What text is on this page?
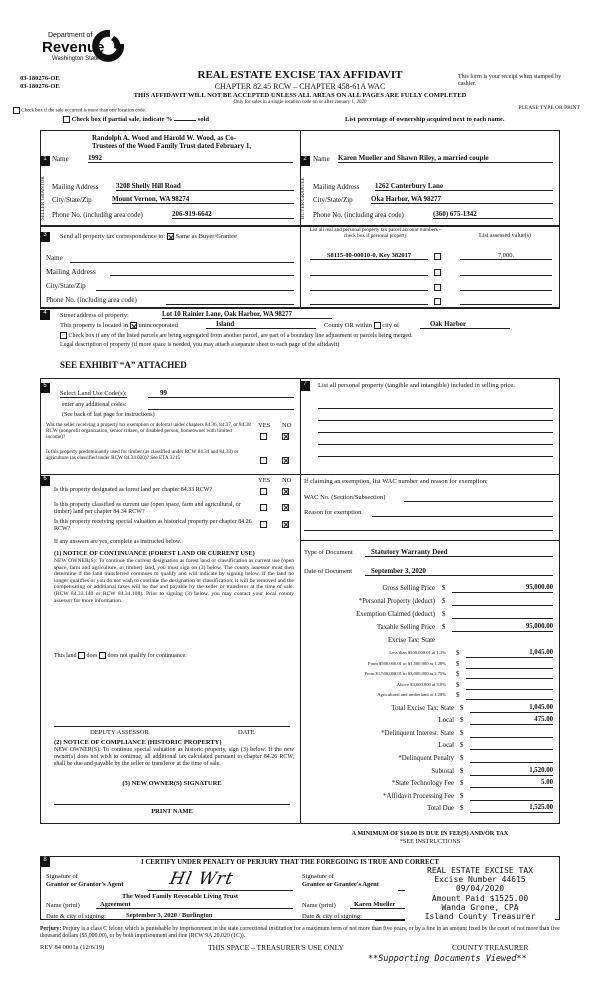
Department of
Revenue
Washington State
03-180276-OE
03-180276-OE
REAL ESTATE EXCISE TAX AFFIDAVIT
CHAPTER 82.45 RCW – CHAPTER 458-61A WAC
THIS AFFIDAVIT WILL NOT BE ACCEPTED UNLESS ALL AREAS ON ALL PAGES ARE FULLY COMPLETED
Only for sales in a single location code on or after January 1, 2020
This form is your receipt when stamped by cashier.
PLEASE TYPE OR PRINT
Check box if the sale occurred is more than one location code.
Check box if partial sale, indicate %	sold	List percentage of ownership acquired next to each name.
1
SELLER GRANTOR
Randolph A. Wood and Harold W. Wood, as Co-
Trustees of the Wood Family Trust dated February 1,
Name	1992
Mailing Address	3208 Shelly Hill Road
City/State/Zip	Mount Vernon, WA 98274
Phone No. (including area code)	206-919-6642
2
BUYER GRANTEE
Name Karen Mueller and Shawn Riley, a married couple
Mailing Address 1262 Canterbury Lane
City/State/Zip	Oka Harbor, WA 98277
Phone No. (including area code)	(360) 675-1342
3	Send all property tax correspondence to: Same as Buyer/Grantee
Name
Mailing Address
City/State/Zip
Phone No. (including area code)
List all real and personal property tax parcel account numbers – check box if personal property	List assessed value(s)
S8115-00-00010-0, Key 382017	7,000.
4	Street address of property:	Lot 10 Rainier Lane, Oak Harbor, WA 98277
This property is located in unincorporated	Island	County OR within city of	Oak Harbor
Check box if any of the listed parcels are being segregated from another parcel, are part of a boundary line adjustment or parcels being merged.
Legal description of property (if more space is needed, you may attach a separate sheet to each page of the affidavit)
SEE EXHIBIT “A” ATTACHED
5
Select Land Use Code(s):	99
enter any additional codes:
(See back of last page for instructions)
YES NO
Was the seller receiving a property tax exemption or deferral under chapters 84.36, 84.37, or 84.38 RCW (nonprofit organization, senior citizen, or disabled person, homeowner with limited income)?
Is this property predominantly used for timber (as classified under RCW 84.34 and 84.33) or agriculture (as classified under RCW 84.34.020)? See ETA 3215
6	YES NO
Is this property designated as forest land per chapter 84.33 RCW?
Is this property classified as current use (open space, farm and agricultural, or timber) land per chapter 84.34 RCW?
Is this property receiving special valuation as historical property per chapter 84.26 RCW?
If any answers are yes, complete as instructed below.
(1) NOTICE OF CONTINUANCE (FOREST LAND OR CURRENT USE)
NEW OWNER(S): To continue the current designation as forest land or classification as current use (open space, farm and agriculture, or timber) land, you must sign on (3) below. The county assessor must then determine if the land transferred continues to qualify and will indicate by signing below. If the land no longer qualifies or you do not wish to continue the designation or classification, it will be removed and the compensating or additional taxes will be due and payable by the seller or transferor at the time of sale. (RCW 84.33.140 or RCW 84.34.108). Prior to signing (3) below, you may contact your local county assessor for more information.
This land does does not qualify for continuance.
DEPUTY ASSESSOR	DATE
(2) NOTICE OF COMPLIANCE (HISTORIC PROPERTY)
NEW OWNER(S): To continue special valuation as historic property, sign (3) below. If the new owner(s) does not wish to continue, all additional tax calculated pursuant to chapter 84.26 RCW, shall be due and payable by the seller or transferor at the time of sale.
(3) NEW OWNER(S) SIGNATURE
PRINT NAME
7	List all personal property (tangible and intangible) included in selling price.
If claiming an exemption, list WAC number and reason for exemption:
WAC No. (Section/Subsection)
Reason for exemption
Type of Document	Statutory Warranty Deed
Date of Document	September 3, 2020
Gross Selling Price $	95,000.00
*Personal Property (deduct) $
Exemption Claimed (deduct) $
Taxable Selling Price $	95,000.00
Excise Tax: State
Less than $500,000.01 at 1.1% $	1,045.00
From $500,000.01 to $1,500,000 at 1.28% $
From $1,500,000.01 to $3,000,000 at 2.75% $
Above $3,000,000 at 3.0% $
Agricultural and timberland at 1.28% $
Total Excise Tax: State $	1,045.00
Local $	475.00
*Delinquent Interest: State $
Local $
*Delinquent Penalty $
Subtotal $	1,520.00
*State Technology Fee $	5.00
*Affidavit Processing Fee $
Total Due $	1,525.00
A MINIMUM OF $10.00 IS DUE IN FEE(S) AND/OR TAX
*SEE INSTRUCTIONS
8	I CERTIFY UNDER PENALTY OF PERJURY THAT THE FOREGOING IS TRUE AND CORRECT
Signature of
Grantor or Grantor's Agent	Hl Wrt
The Wood Family Revocable Living Trust
Name (print)	Agreement
Date & city of signing:	September 3, 2020 / Burlington
Signature of
Grantee or Grantee's Agent
Name (print)	Karen Mueller
Date & city of signing:
REAL ESTATE EXCISE TAX
Excise Number 44615
09/04/2020
Amount Paid $1525.00
Wanda Grone, CPA
Island County Treasurer
Perjury: Perjury is a class C felony which is punishable by imprisonment in the state correctional institution for a maximum term of not more than five years, or by a fine in an amount fixed by the court of not more than five thousand dollars ($5,000.00), or by both imprisonment and fine (RCW 9A.20.020 (1C)).
REV 84 0001a (12/6/19)	THIS SPACE – TREASURER'S USE ONLY	COUNTY TREASURER
**Supporting Documents Viewed**
